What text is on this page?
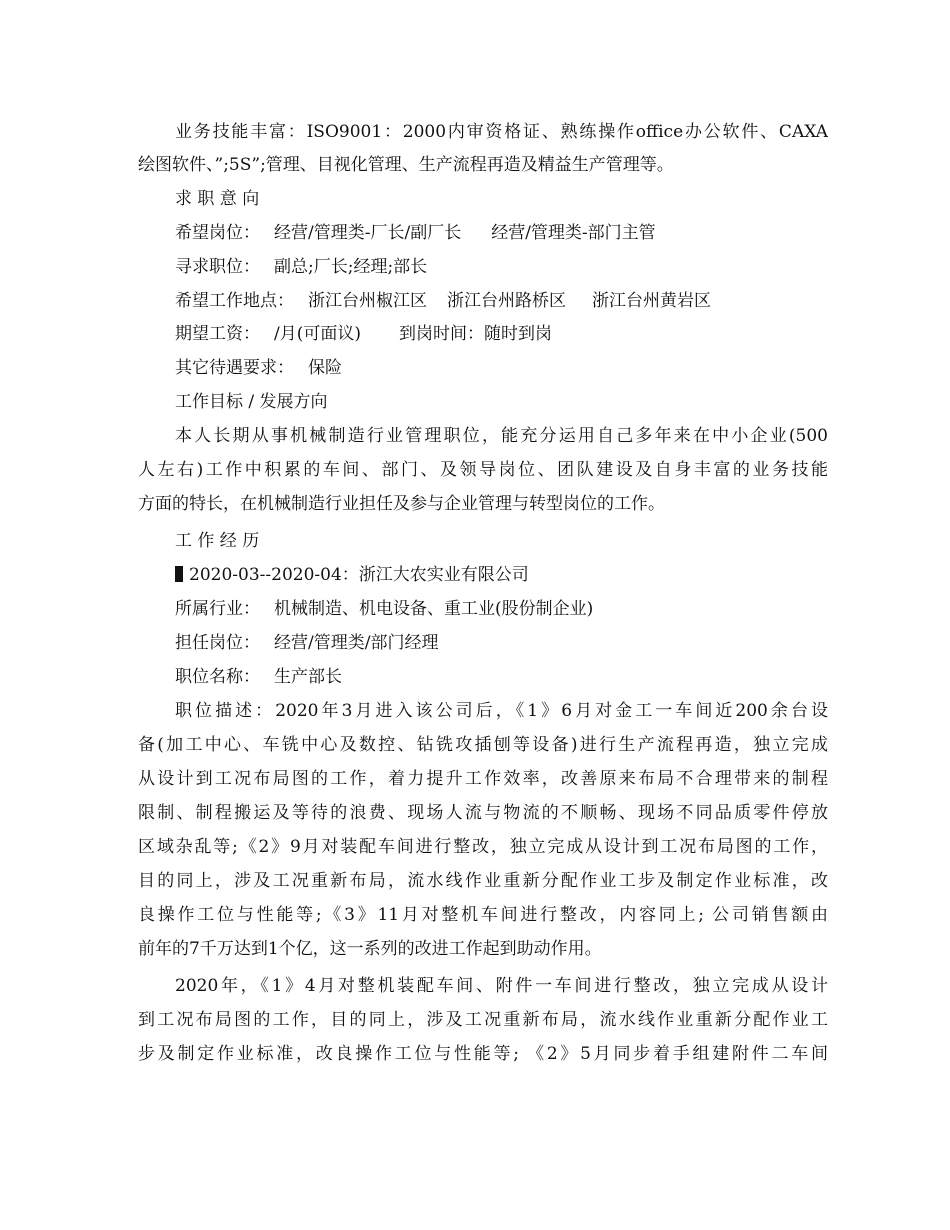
业务技能丰富：ISO9001：2000内审资格证、熟练操作office办公软件、CAXA
绘图软件、”;5S”;管理、目视化管理、生产流程再造及精益生产管理等。
求 职 意 向
希望岗位： 经营/管理类-厂长/副厂长 经营/管理类-部门主管
寻求职位： 副总;厂长;经理;部长
希望工作地点： 浙江台州椒江区 浙江台州路桥区 浙江台州黄岩区
期望工资： /月(可面议) 到岗时间：随时到岗
其它待遇要求： 保险
工作目标 / 发展方向
本人长期从事机械制造行业管理职位，能充分运用自己多年来在中小企业(500
人左右)工作中积累的车间、部门、及领导岗位、团队建设及自身丰富的业务技能
方面的特长，在机械制造行业担任及参与企业管理与转型岗位的工作。
工 作 经 历
2020-03--2020-04：浙江大农实业有限公司
所属行业： 机械制造、机电设备、重工业(股份制企业)
担任岗位： 经营/管理类/部门经理
职位名称： 生产部长
职位描述：2020年3月进入该公司后，《1》6月对金工一车间近200余台设
备(加工中心、车铣中心及数控、钻铣攻插刨等设备)进行生产流程再造，独立完成
从设计到工况布局图的工作，着力提升工作效率，改善原来布局不合理带来的制程
限制、制程搬运及等待的浪费、现场人流与物流的不顺畅、现场不同品质零件停放
区域杂乱等;《2》9月对装配车间进行整改，独立完成从设计到工况布局图的工作，
目的同上，涉及工况重新布局，流水线作业重新分配作业工步及制定作业标准，改
良操作工位与性能等;《3》11月对整机车间进行整改，内容同上; 公司销售额由
前年的7千万达到1个亿，这一系列的改进工作起到助动作用。
2020年，《1》4月对整机装配车间、附件一车间进行整改，独立完成从设计
到工况布局图的工作，目的同上，涉及工况重新布局，流水线作业重新分配作业工
步及制定作业标准，改良操作工位与性能等; 《2》5月同步着手组建附件二车间
